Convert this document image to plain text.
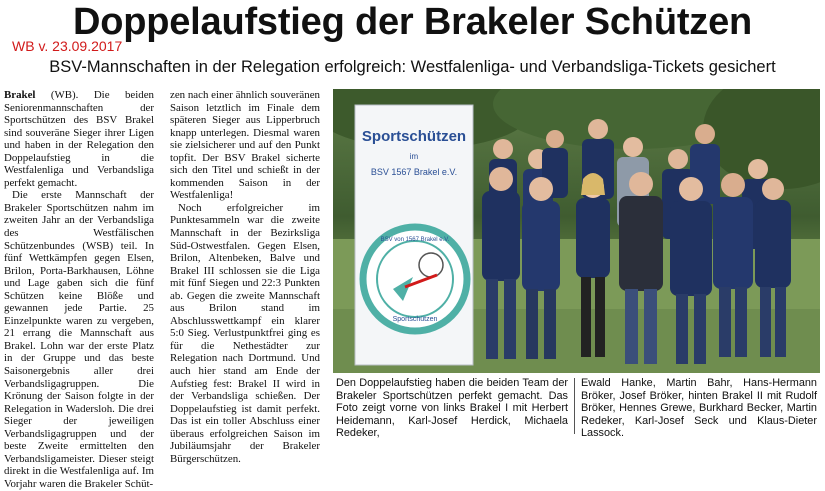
Doppelaufstieg der Brakeler Schützen
WB v. 23.09.2017
BSV-Mannschaften in der Relegation erfolgreich: Westfalenliga- und Verbandsliga-Tickets gesichert

Brakel (WB). Die beiden Seniorenmannschaften der Sportschützen des BSV Brakel sind souveräne Sieger ihrer Ligen und haben in der Relegation den Doppelaufstieg in die Westfalenliga und Verbandsliga perfekt gemacht.

Die erste Mannschaft der Brakeler Sportschützen nahm im zweiten Jahr an der Verbandsliga des Westfälischen Schützenbundes (WSB) teil. In fünf Wettkämpfen gegen Elsen, Brilon, Porta-Barkhausen, Löhne und Lage gaben sich die fünf Schützen keine Blöße und gewannen jede Partie. 25 Einzelpunkte waren zu vergeben, 21 errang die Mannschaft aus Brakel. Lohn war der erste Platz in der Gruppe und das beste Saisonergebnis aller drei Verbandsligagruppen. Die Krönung der Saison folgte in der Relegation in Wadersloh. Die drei Sieger der jeweiligen Verbandsligagruppen und der beste Zweite ermittelten den Verbandsligameister. Dieser steigt direkt in die Westfalenliga auf. Im Vorjahr waren die Brakeler Schüt-

zen nach einer ähnlich souveränen Saison letztlich im Finale dem späteren Sieger aus Lipperbruch knapp unterlegen. Diesmal waren sie zielsicherer und auf den Punkt topfit. Der BSV Brakel sicherte sich den Titel und schießt in der kommenden Saison in der Westfalenliga!

Noch erfolgreicher im Punktesammeln war die zweite Mannschaft in der Bezirksliga Süd-Ostwestfalen. Gegen Elsen, Brilon, Altenbeken, Balve und Brakel III schlossen sie die Liga mit fünf Siegen und 22:3 Punkten ab. Gegen die zweite Mannschaft aus Brilon stand im Abschlusswettkampf ein klarer 5:0 Sieg. Verlustpunktfrei ging es für die Nethestädter zur Relegation nach Dortmund. Und auch hier stand am Ende der Aufstieg fest: Brakel II wird in der Verbandsliga schießen. Der Doppelaufstieg ist damit perfekt. Das ist ein toller Abschluss einer überaus erfolgreichen Saison im Jubiläumsjahr der Brakeler Bürgerschützen.

Sportschützen
im
BSV 1567 Brakel e.V.
Sportschützen
BSV von 1567 Brakel e.V.
Den Doppelaufstieg haben die beiden Team der Brakeler Sportschützen perfekt gemacht. Das Foto zeigt vorne von links Brakel I mit Herbert Heidemann, Karl-Josef Herdick, Michaela Redeker,
Ewald Hanke, Martin Bahr, Hans-Hermann Bröker, Josef Bröker, hinten Brakel II mit Rudolf Bröker, Hennes Grewe, Burkhard Becker, Martin Redeker, Karl-Josef Seck und Klaus-Dieter Lassock.
